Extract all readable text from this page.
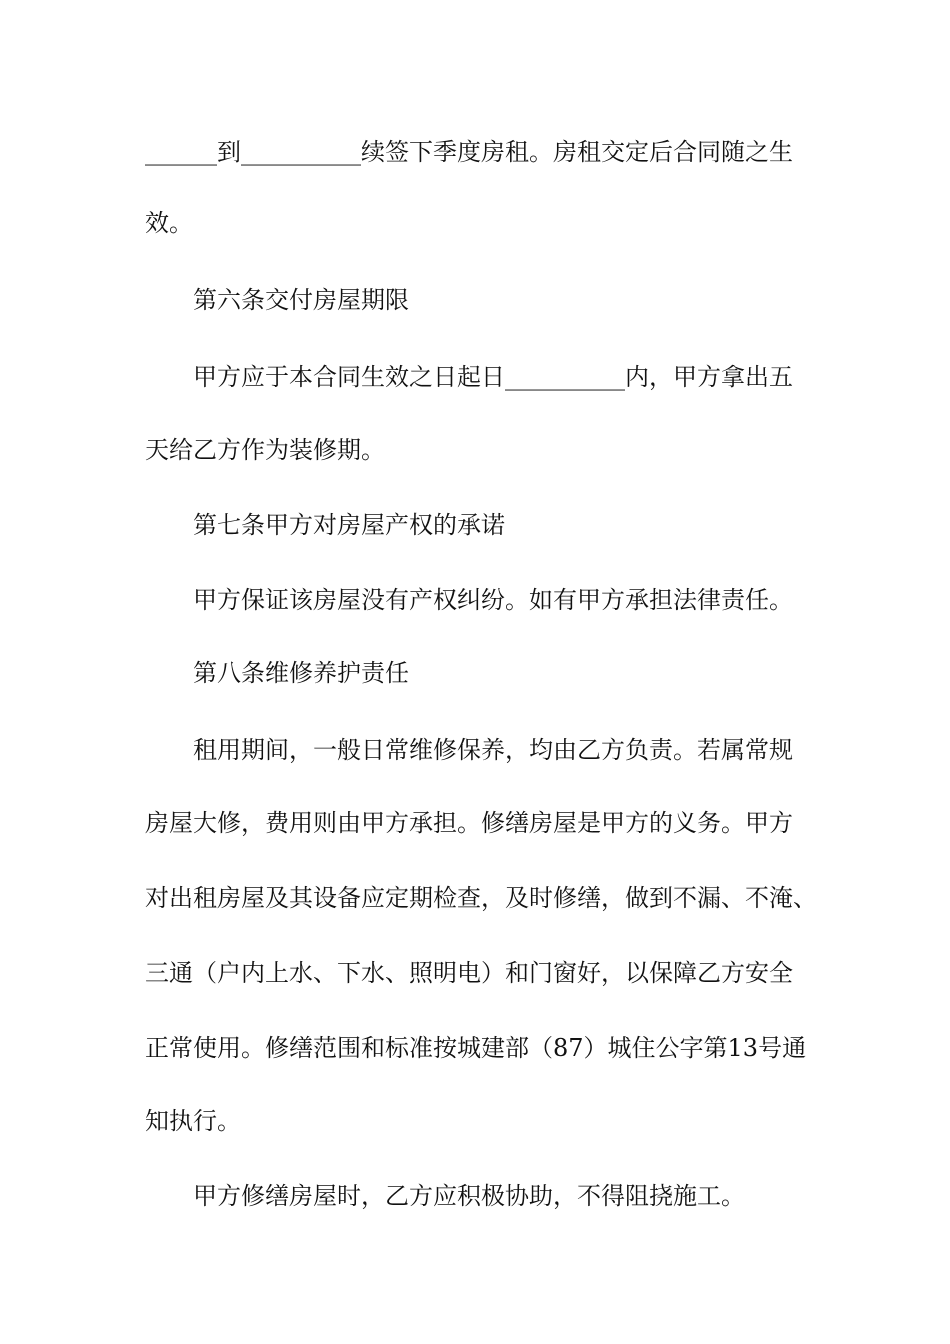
______到__________续签下季度房租。房租交定后合同随之生
效。
第六条交付房屋期限
甲方应于本合同生效之日起日__________内，甲方拿出五
天给乙方作为装修期。
第七条甲方对房屋产权的承诺
甲方保证该房屋没有产权纠纷。如有甲方承担法律责任。
第八条维修养护责任
租用期间，一般日常维修保养，均由乙方负责。若属常规
房屋大修，费用则由甲方承担。修缮房屋是甲方的义务。甲方
对出租房屋及其设备应定期检查，及时修缮，做到不漏、不淹、
三通（户内上水、下水、照明电）和门窗好，以保障乙方安全
正常使用。修缮范围和标准按城建部（87）城住公字第13号通
知执行。
甲方修缮房屋时，乙方应积极协助，不得阻挠施工。
